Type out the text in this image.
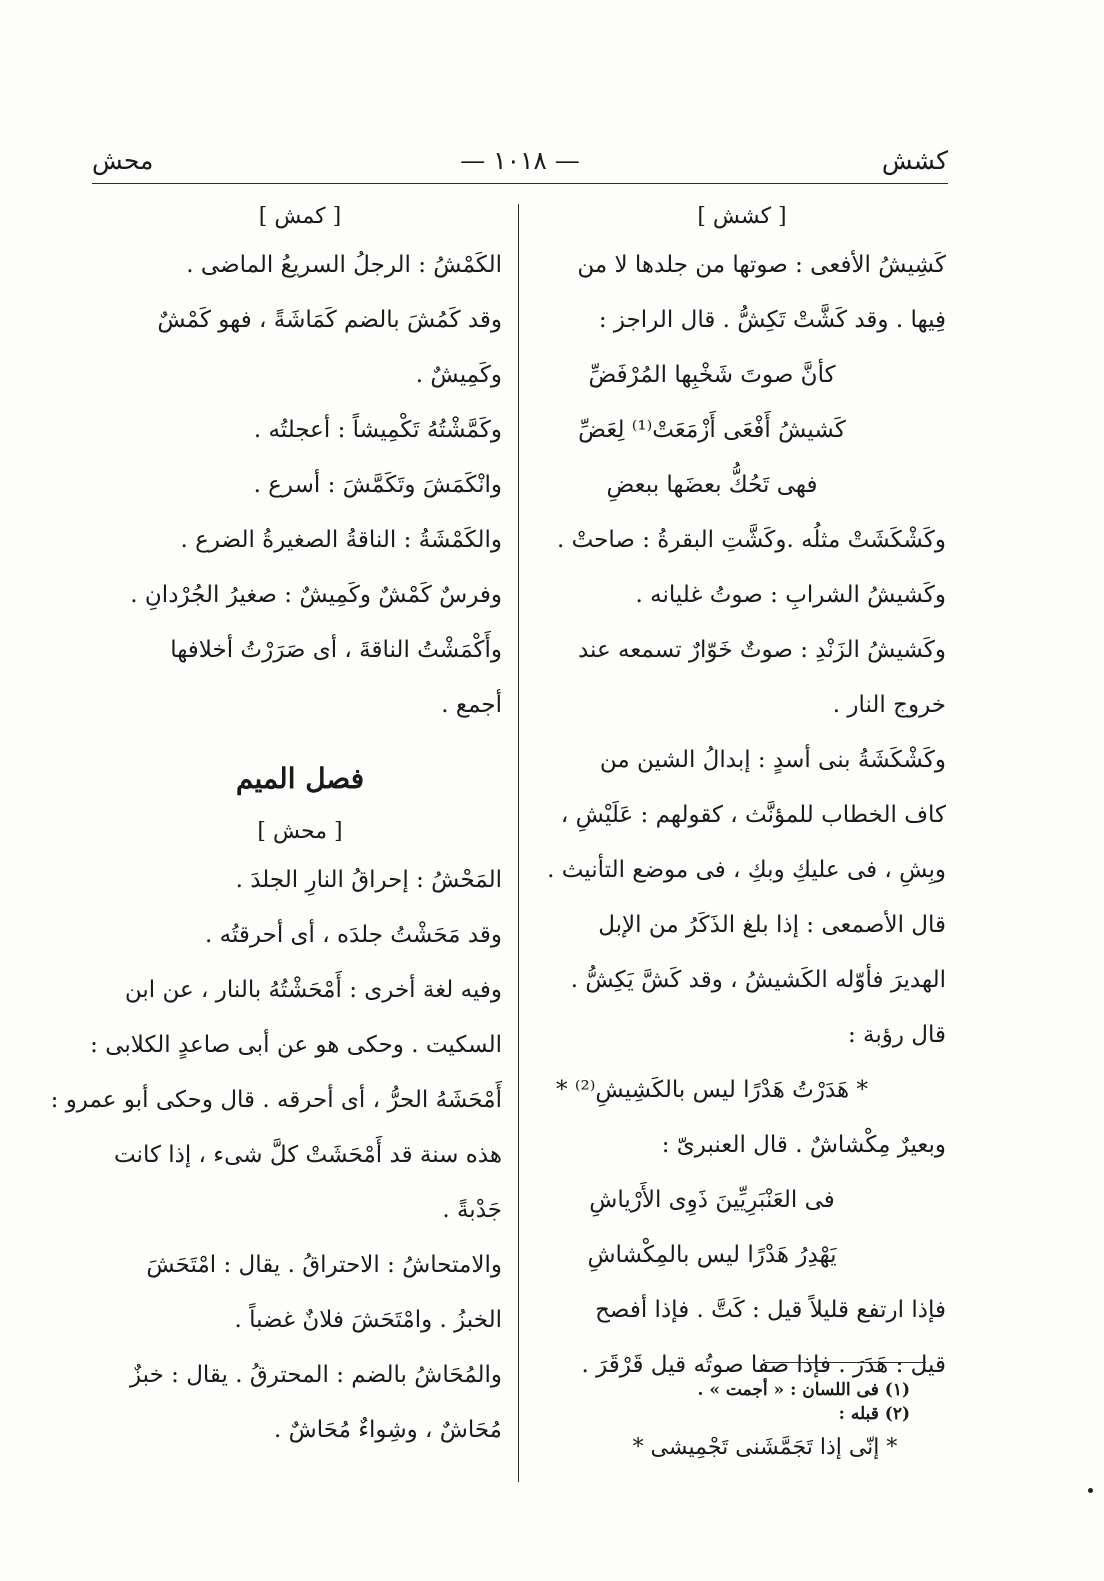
كشش
— ١٠١٨ —
محش
[ كشش ]
كَشِيشُ الأفعى : صوتها من جلدها لا من
فِيها . وقد كَشَّتْ تَكِشُّ . قال الراجز :
كأنَّ صوتَ شَخْبِها المُرْفَضِّ
كَشيشُ أَفْعَى أَزْمَعَتْ⁽¹⁾ لِعَضِّ
فهى تَحُكُّ بعضَها ببعضِ
وكَشْكَشَتْ مثلُه .وكَشَّتِ البقرةُ : صاحتْ .
وكَشيشُ الشرابِ : صوتُ غليانه .
وكَشيشُ الزَنْدِ : صوتٌ خَوّارٌ تسمعه عند
خروج النار .
وكَشْكَشَةُ بنى أسدٍ : إبدالُ الشين من
كاف الخطاب للمؤنَّث ، كقولهم : عَلَيْشِ ،
وبِشِ ، فى عليكِ وبكِ ، فى موضع التأنيث .
قال الأصمعى : إذا بلغ الذَكَرُ من الإبل
الهديرَ فأوّله الكَشيشُ ، وقد كَشَّ يَكِشُّ .
قال رؤبة :
* هَدَرْتُ هَدْرًا ليس بالكَشِيشِ⁽²⁾ *
وبعيرٌ مِكْشاشٌ . قال العنبرىّ :
فى العَنْبَرِيِّينَ ذَوِى الأَرْياشِ
يَهْدِرُ هَدْرًا ليس بالمِكْشاشِ
فإذا ارتفع قليلاً قيل : كَتَّ . فإذا أفصح
قيل : هَدَرَ . فإذا صفا صوتُه قيل قَرْقَرَ .
[ كمش ]
الكَمْشُ : الرجلُ السريعُ الماضى .
وقد كَمُشَ بالضم كَمَاشَةً ، فهو كَمْشٌ
وكَمِيشٌ .
وكَمَّشْتُهُ تَكْمِيشاً : أعجلتُه .
وانْكَمَشَ وتَكَمَّشَ : أسرع .
والكَمْشَةُ : الناقةُ الصغيرةُ الضرع .
وفرسٌ كَمْشٌ وكَمِيشٌ : صغيرُ الجُرْدانِ .
وأَكْمَشْتُ الناقةَ ، أى صَرَرْتُ أخلافها
أجمع .
فصل الميم
[ محش ]
المَحْشُ : إحراقُ النارِ الجلدَ .
وقد مَحَشْتُ جلدَه ، أى أحرقتُه .
وفيه لغة أخرى : أَمْحَشْتُهُ بالنار ، عن ابن
السكيت . وحكى هو عن أبى صاعدٍ الكلابى :
أَمْحَشَهُ الحرُّ ، أى أحرقه . قال وحكى أبو عمرو :
هذه سنة قد أَمْحَشَتْ كلَّ شىء ، إذا كانت
جَدْبةً .
والامتحاشُ : الاحتراقُ . يقال : امْتَحَشَ
الخبزُ . وامْتَحَشَ فلانٌ غضباً .
والمُحَاشُ بالضم : المحترقُ . يقال : خبزٌ
مُحَاشٌ ، وشِواءٌ مُحَاشٌ .
(١) فى اللسان : « أجمت » .
(٢) قبله :
* إنّى إذا تَجَمَّشَنى تَجْمِيشى *
